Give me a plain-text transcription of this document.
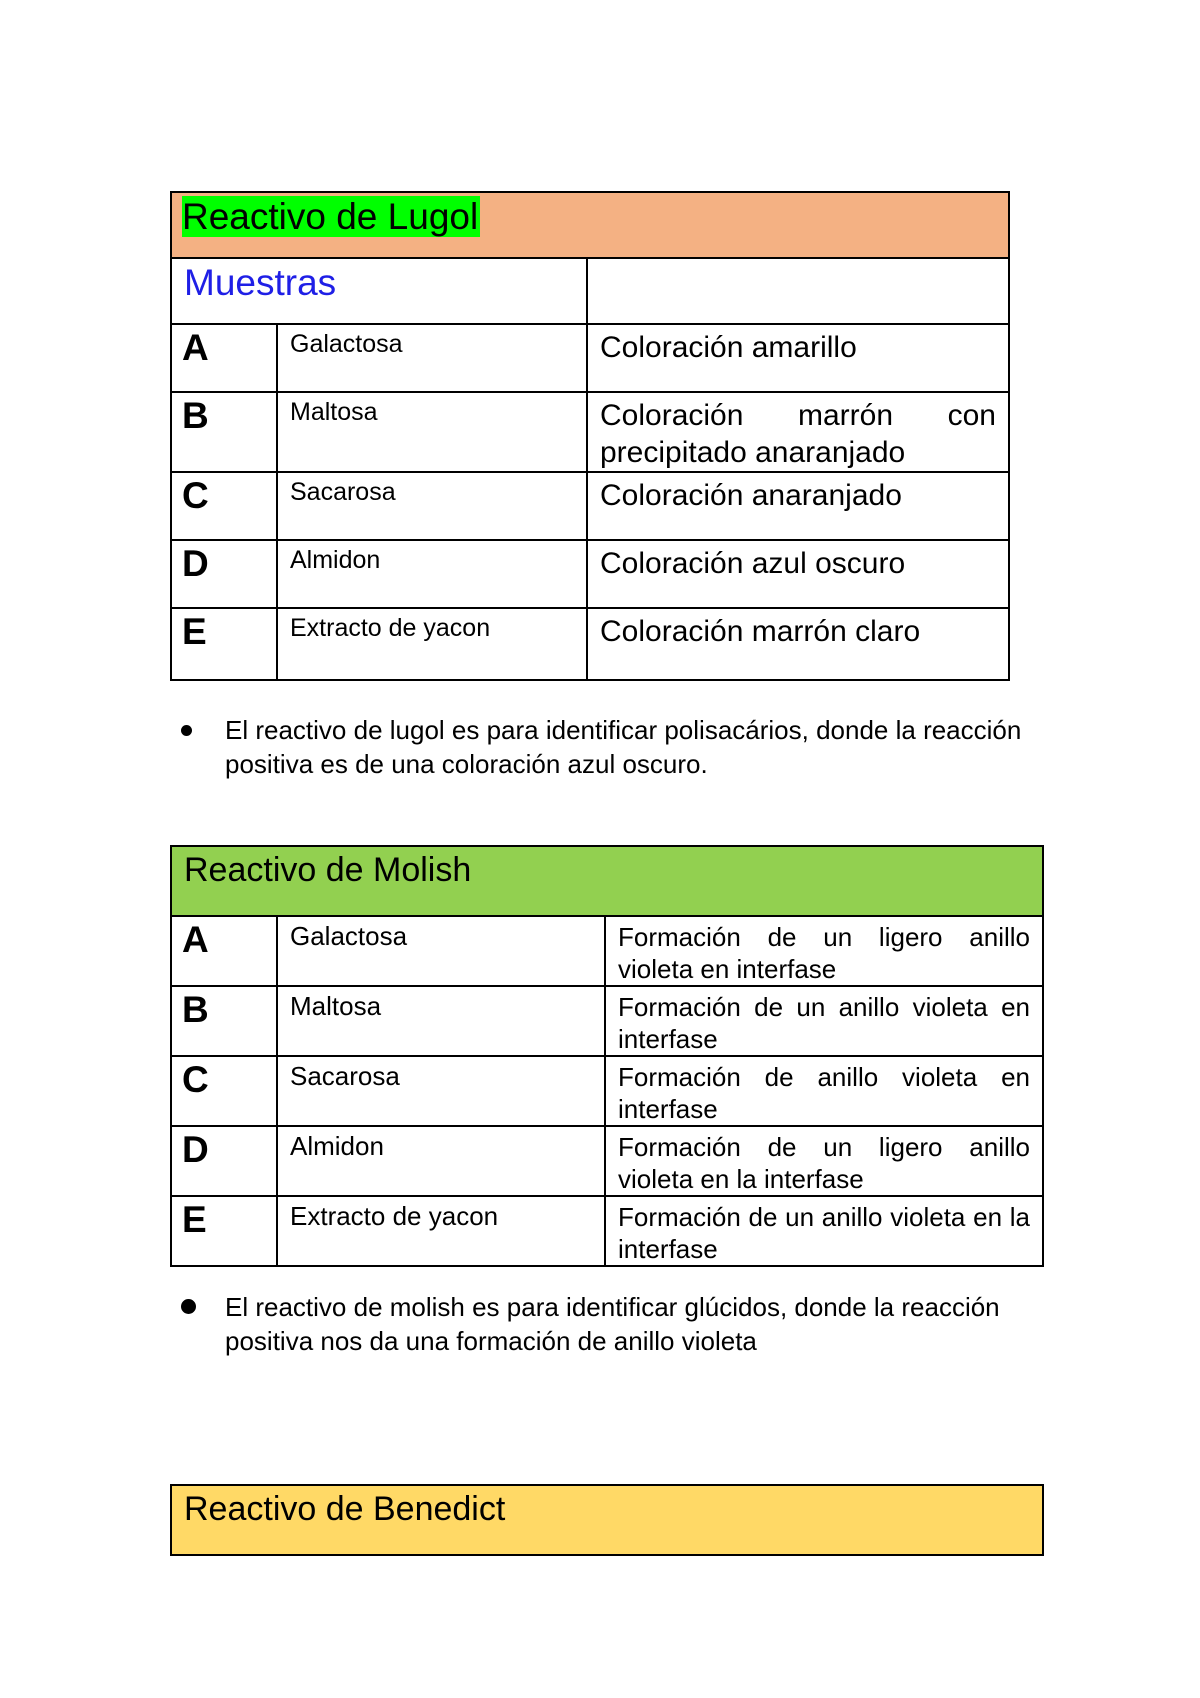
Reactivo de Lugol		
Muestras		
A	Galactosa	Coloración amarillo
B	Maltosa	Coloración marrón con precipitado anaranjado
C	Sacarosa	Coloración anaranjado
D	Almidon	Coloración azul oscuro
E	Extracto de yacon	Coloración marrón claro
El reactivo de lugol es para identificar polisacários, donde la reacción positiva es de una coloración azul oscuro.
Reactivo de Molish		
A	Galactosa	Formación de un ligero anillo violeta en interfase
B	Maltosa	Formación de un anillo violeta en interfase
C	Sacarosa	Formación de anillo violeta en interfase
D	Almidon	Formación de un ligero anillo violeta en la interfase
E	Extracto de yacon	Formación de un anillo violeta en la interfase
El reactivo de molish es para identificar glúcidos, donde la reacción positiva nos da una formación de anillo violeta
Reactivo de Benedict
